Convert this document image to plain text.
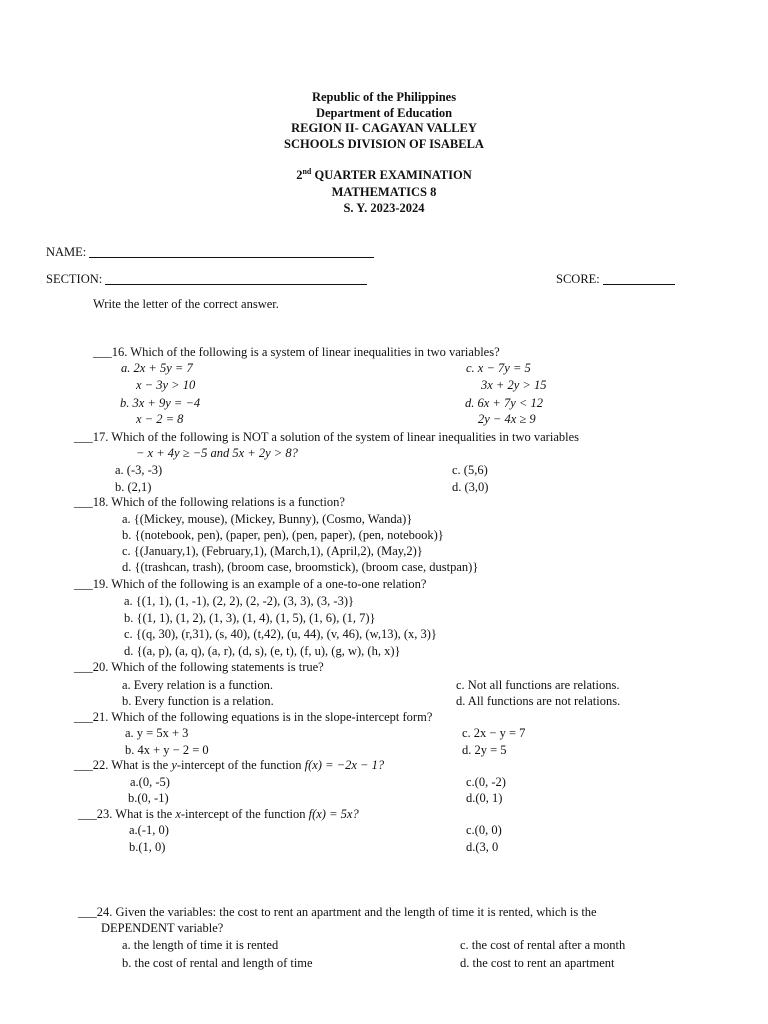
Republic of the Philippines
Department of Education
REGION II- CAGAYAN VALLEY
SCHOOLS DIVISION OF ISABELA
2nd QUARTER EXAMINATION
MATHEMATICS 8
S. Y. 2023-2024
NAME:
SECTION:	SCORE:
Write the letter of the correct answer.
___16. Which of the following is a system of linear inequalities in two variables?
a. 2x + 5y = 7
x − 3y > 10
c. x − 7y = 5
3x + 2y > 15
b. 3x + 9y = −4
x − 2 = 8
d. 6x + 7y < 12
2y − 4x ≥ 9
___17. Which of the following is NOT a solution of the system of linear inequalities in two variables
− x + 4y ≥ −5 and 5x + 2y > 8?
a. (-3, -3)	c. (5,6)
b. (2,1)	d. (3,0)
___18. Which of the following relations is a function?
a. {(Mickey, mouse), (Mickey, Bunny), (Cosmo, Wanda)}
b. {(notebook, pen), (paper, pen), (pen, paper), (pen, notebook)}
c. {(January,1), (February,1), (March,1), (April,2), (May,2)}
d. {(trashcan, trash), (broom case, broomstick), (broom case, dustpan)}
___19. Which of the following is an example of a one-to-one relation?
a. {(1, 1), (1, -1), (2, 2), (2, -2), (3, 3), (3, -3)}
b. {(1, 1), (1, 2), (1, 3), (1, 4), (1, 5), (1, 6), (1, 7)}
c. {(q, 30), (r,31), (s, 40), (t,42), (u, 44), (v, 46), (w,13), (x, 3)}
d. {(a, p), (a, q), (a, r), (d, s), (e, t), (f, u), (g, w), (h, x)}
___20. Which of the following statements is true?
a. Every relation is a function.	c. Not all functions are relations.
b. Every function is a relation.	d. All functions are not relations.
___21. Which of the following equations is in the slope-intercept form?
a. y = 5x + 3	c. 2x − y = 7
b. 4x + y − 2 = 0	d. 2y = 5
___22. What is the y-intercept of the function f(x) = −2x − 1?
a.(0, -5)	c.(0, -2)
b.(0, -1)	d.(0, 1)
___23. What is the x-intercept of the function f(x) = 5x?
a.(-1, 0)	c.(0, 0)
b.(1, 0)	d.(3, 0
___24. Given the variables: the cost to rent an apartment and the length of time it is rented, which is the
DEPENDENT variable?
a. the length of time it is rented	c. the cost of rental after a month
b. the cost of rental and length of time	d. the cost to rent an apartment
